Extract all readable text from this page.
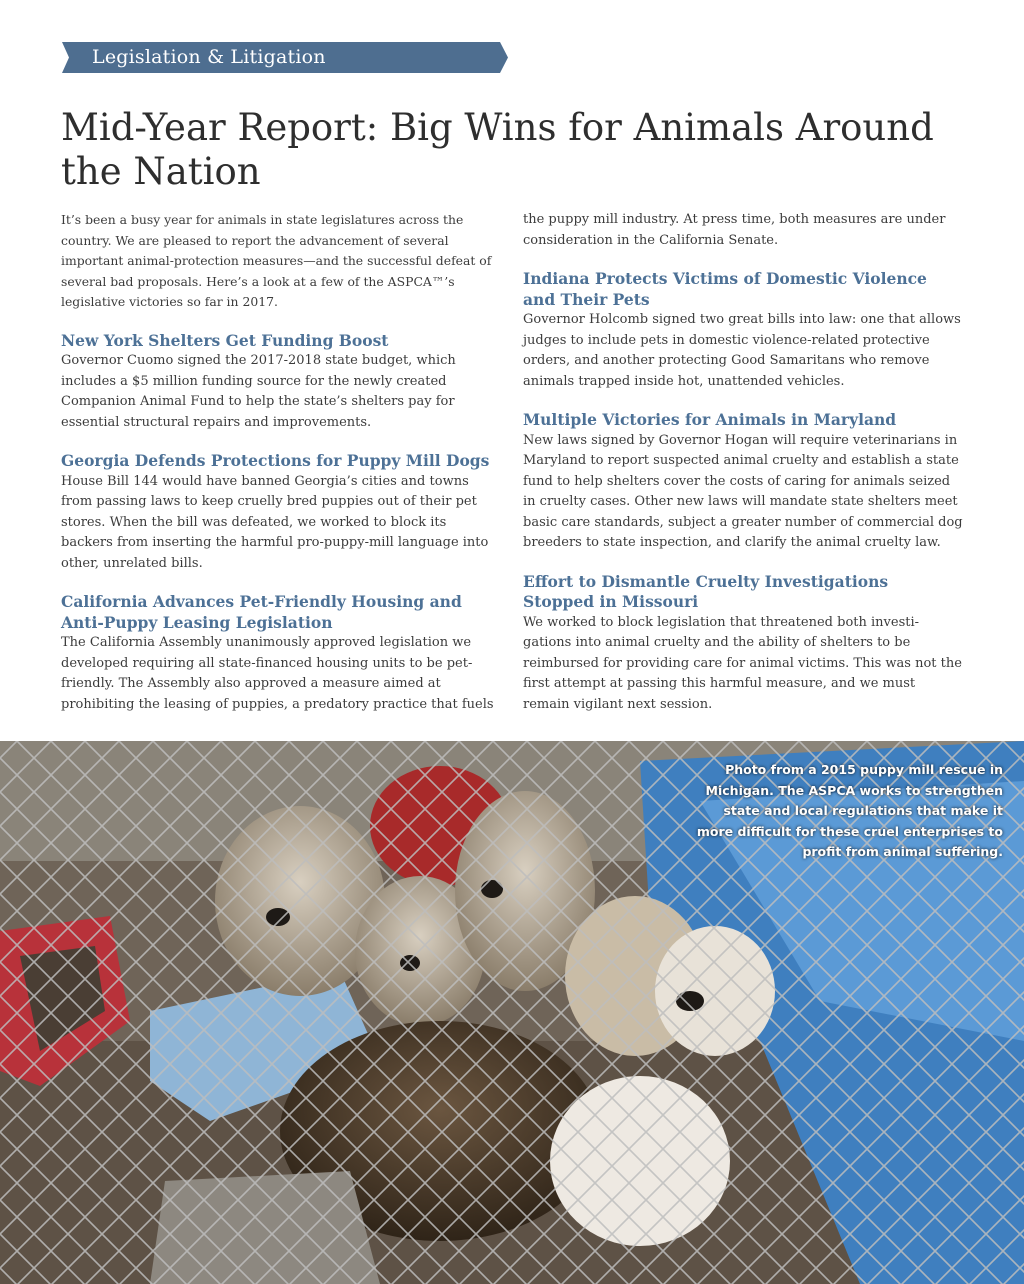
Legislation & Litigation
Mid-Year Report: Big Wins for Animals Around the Nation

It’s been a busy year for animals in state legislatures across the country. We are pleased to report the advancement of several important animal-protection measures—and the successful defeat of several bad proposals. Here’s a look at a few of the ASPCA™’s legislative victories so far in 2017.

New York Shelters Get Funding Boost

Governor Cuomo signed the 2017-2018 state budget, which includes a $5 million funding source for the newly created Companion Animal Fund to help the state’s shelters pay for essential structural repairs and improvements.

Georgia Defends Protections for Puppy Mill Dogs

House Bill 144 would have banned Georgia’s cities and towns from passing laws to keep cruelly bred puppies out of their pet stores. When the bill was defeated, we worked to block its backers from inserting the harmful pro-puppy-mill language into other, unrelated bills.

California Advances Pet-Friendly Housing and Anti-Puppy Leasing Legislation

The California Assembly unanimously approved legislation we developed requiring all state-financed housing units to be pet-friendly. The Assembly also approved a measure aimed at prohibiting the leasing of puppies, a predatory practice that fuels

the puppy mill industry. At press time, both measures are under consideration in the California Senate.

Indiana Protects Victims of Domestic Violence and Their Pets

Governor Holcomb signed two great bills into law: one that allows judges to include pets in domestic violence-related protective orders, and another protecting Good Samaritans who remove animals trapped inside hot, unattended vehicles.

Multiple Victories for Animals in Maryland

New laws signed by Governor Hogan will require veterinarians in Maryland to report suspected animal cruelty and establish a state fund to help shelters cover the costs of caring for animals seized in cruelty cases. Other new laws will mandate state shelters meet basic care standards, subject a greater number of commercial dog breeders to state inspection, and clarify the animal cruelty law.

Effort to Dismantle Cruelty Investigations Stopped in Missouri

We worked to block legislation that threatened both investi-gations into animal cruelty and the ability of shelters to be reimbursed for providing care for animal victims. This was not the first attempt at passing this harmful measure, and we must remain vigilant next session.

Photo from a 2015 puppy mill rescue in Michigan. The ASPCA works to strengthen state and local regulations that make it more difficult for these cruel enterprises to profit from animal suffering.
